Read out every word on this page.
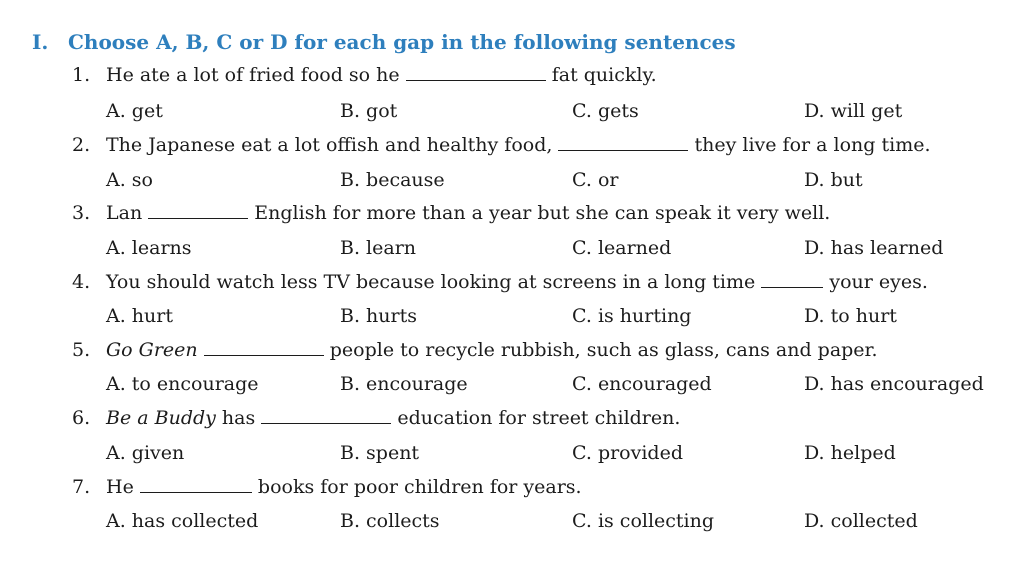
I. Choose A, B, C or D for each gap in the following sentences
1. He ate a lot of fried food so he	fat quickly.
A. get	B. got	C. gets	D. will get
2. The Japanese eat a lot offish and healthy food,	they live for a long time.
A. so	B. because	C. or	D. but
3. Lan	English for more than a year but she can speak it very well.
A. learns	B. learn	C. learned	D. has learned
4. You should watch less TV because looking at screens in a long time	your eyes.
A. hurt	B. hurts	C. is hurting	D. to hurt
5. Go Green	people to recycle rubbish, such as glass, cans and paper.
A. to encourage	B. encourage	C. encouraged	D. has encouraged
6. Be a Buddy has	education for street children.
A. given	B. spent	C. provided	D. helped
7. He	books for poor children for years.
A. has collected	B. collects	C. is collecting	D. collected
